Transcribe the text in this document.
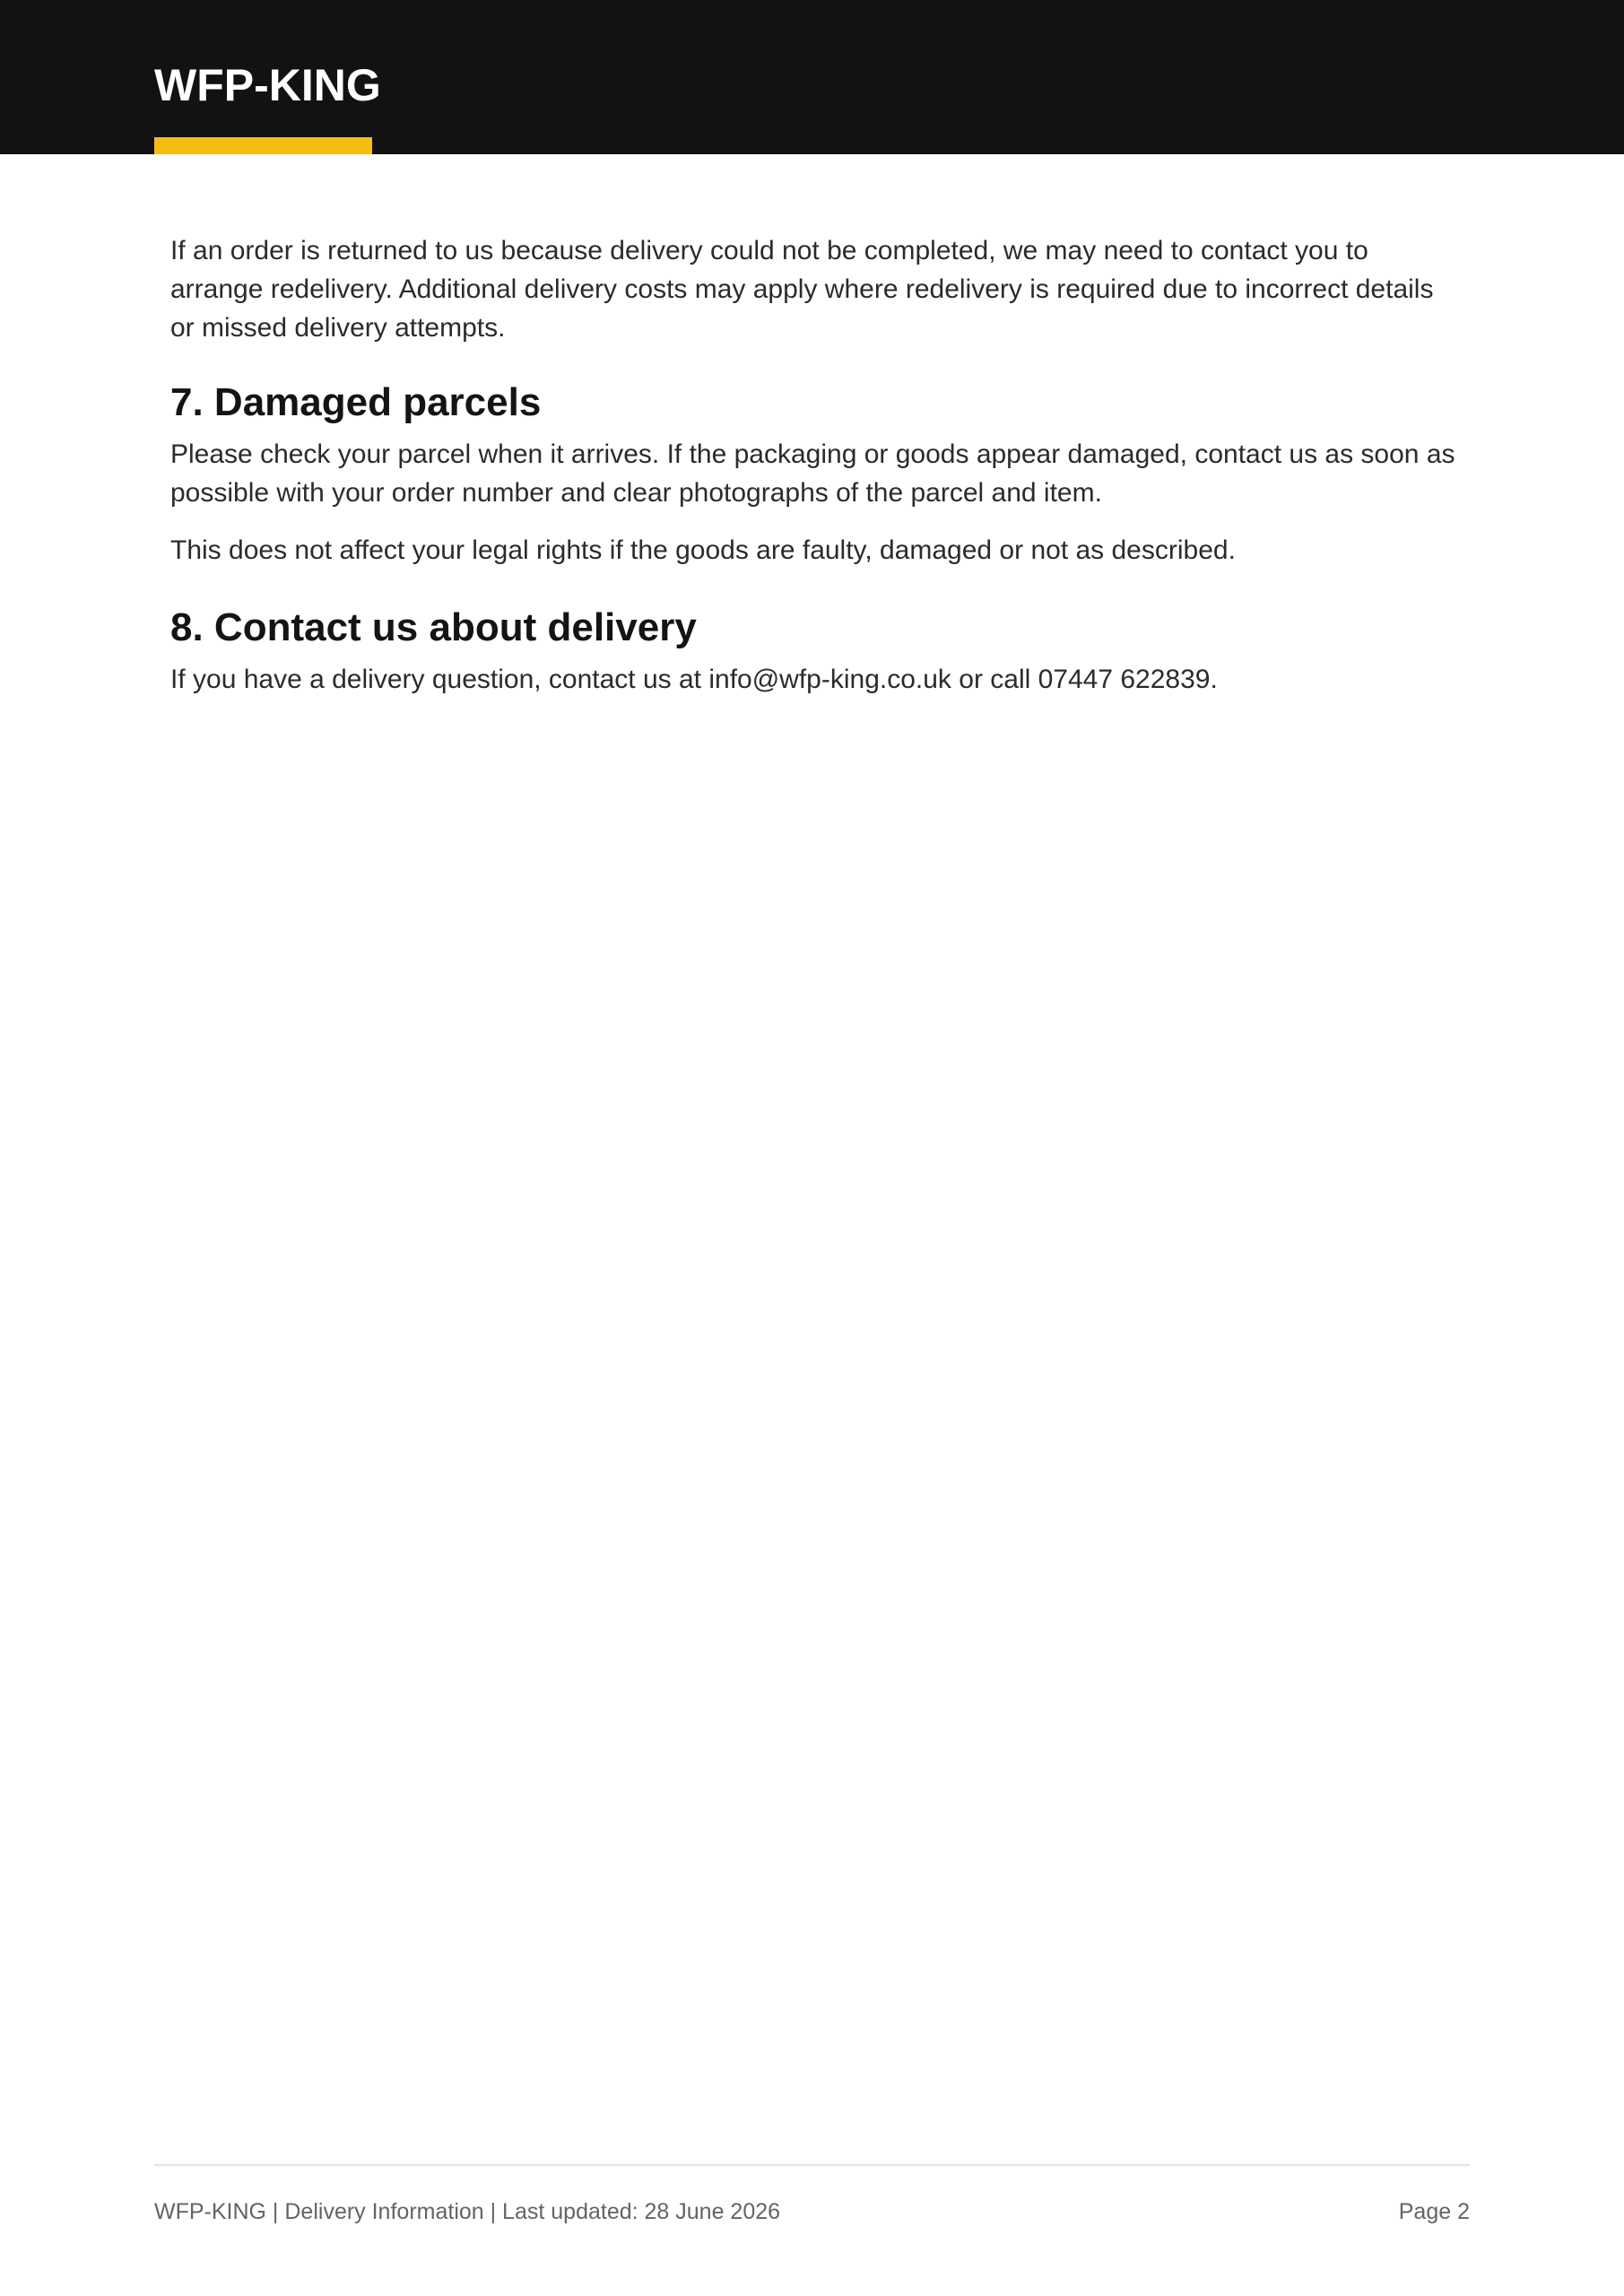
WFP-KING

If an order is returned to us because delivery could not be completed, we may need to contact you to arrange redelivery. Additional delivery costs may apply where redelivery is required due to incorrect details or missed delivery attempts.

7. Damaged parcels

Please check your parcel when it arrives. If the packaging or goods appear damaged, contact us as soon as possible with your order number and clear photographs of the parcel and item.

This does not affect your legal rights if the goods are faulty, damaged or not as described.

8. Contact us about delivery

If you have a delivery question, contact us at info@wfp-king.co.uk or call 07447 622839.

WFP-KING | Delivery Information | Last updated: 28 June 2026	Page 2
